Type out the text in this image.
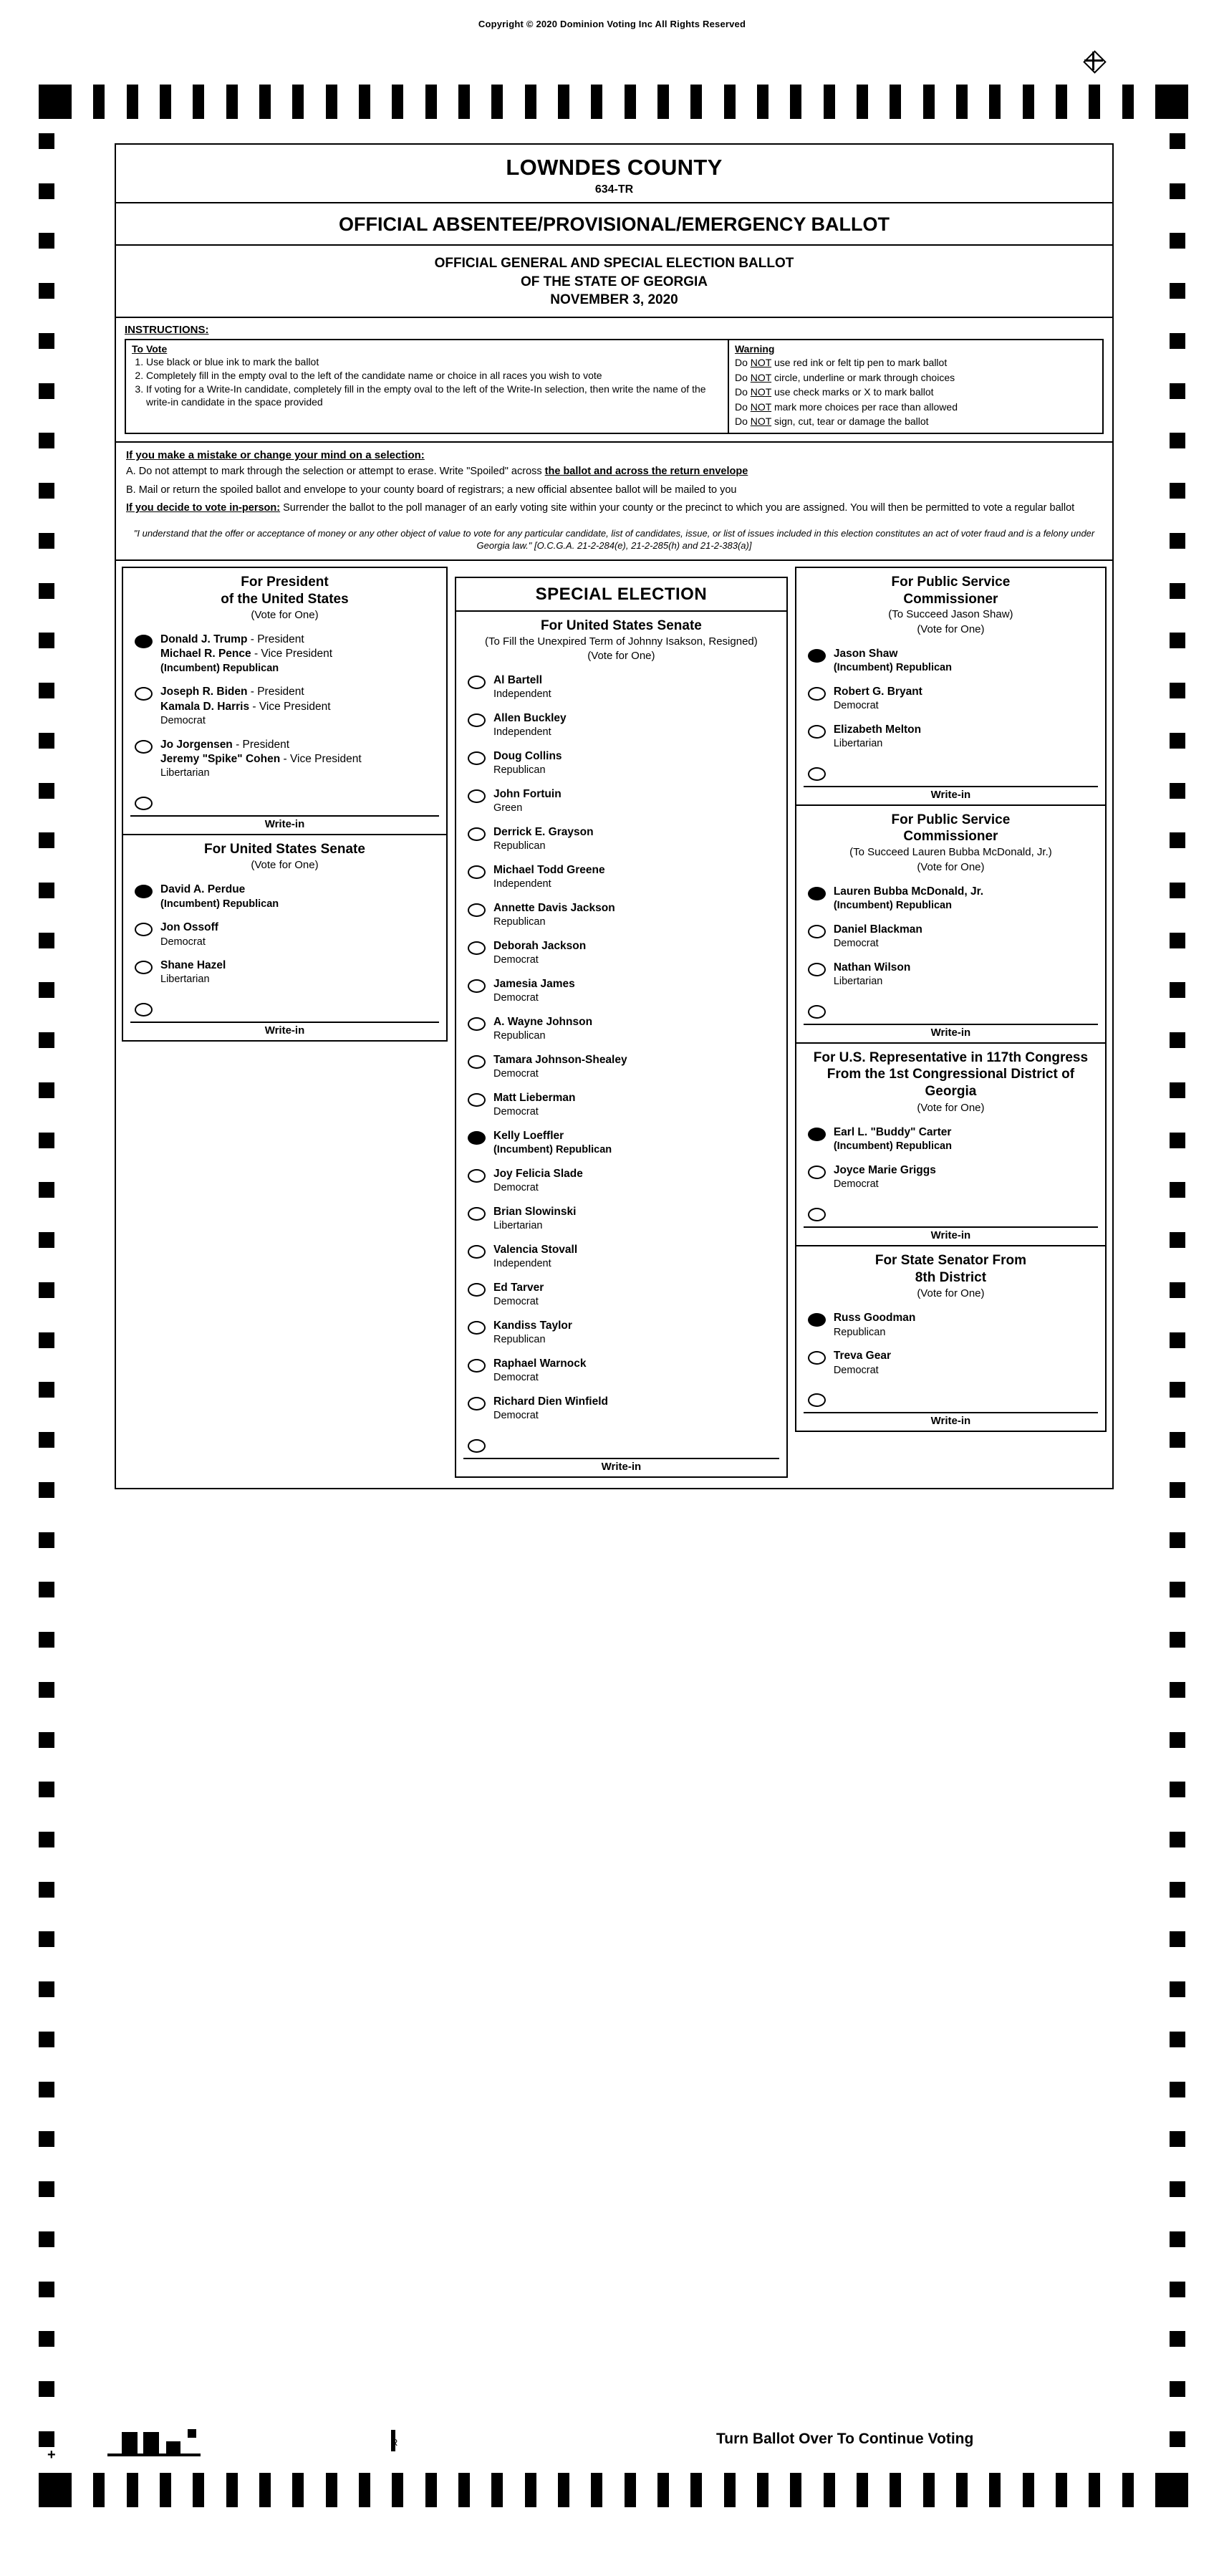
Copyright © 2020 Dominion Voting Inc All Rights Reserved
+
R	Turn Ballot Over To Continue Voting
LOWNDES COUNTY
634-TR
OFFICIAL ABSENTEE/PROVISIONAL/EMERGENCY BALLOT
OFFICIAL GENERAL AND SPECIAL ELECTION BALLOT
OF THE STATE OF GEORGIA
NOVEMBER 3, 2020
INSTRUCTIONS:
To Vote
1. Use black or blue ink to mark the ballot
2. Completely fill in the empty oval to the left of the candidate name or choice in all races you wish to vote
3. If voting for a Write-In candidate, completely fill in the empty oval to the left of the Write-In selection, then write the name of the write-in candidate in the space provided
Warning

Do NOT use red ink or felt tip pen to mark ballot

Do NOT circle, underline or mark through choices

Do NOT use check marks or X to mark ballot

Do NOT mark more choices per race than allowed

Do NOT sign, cut, tear or damage the ballot

If you make a mistake or change your mind on a selection:

A. Do not attempt to mark through the selection or attempt to erase. Write "Spoiled" across the ballot and across the return envelope

B. Mail or return the spoiled ballot and envelope to your county board of registrars; a new official absentee ballot will be mailed to you

If you decide to vote in-person: Surrender the ballot to the poll manager of an early voting site within your county or the precinct to which you are assigned. You will then be permitted to vote a regular ballot

"I understand that the offer or acceptance of money or any other object of value to vote for any particular candidate, list of candidates, issue, or list of issues included in this election constitutes an act of voter fraud and is a felony under Georgia law." [O.C.G.A. 21-2-284(e), 21-2-285(h) and 21-2-383(a)]
For President
of the United States
(Vote for One)
Donald J. Trump - President
Michael R. Pence - Vice President
(Incumbent) Republican
Joseph R. Biden - President
Kamala D. Harris - Vice President
Democrat
Jo Jorgensen - President
Jeremy "Spike" Cohen - Vice President
Libertarian
Write-in
For United States Senate
(Vote for One)
David A. Perdue
(Incumbent) Republican
Jon Ossoff
Democrat
Shane Hazel
Libertarian
Write-in
SPECIAL ELECTION
For United States Senate
(To Fill the Unexpired Term of Johnny Isakson, Resigned)
(Vote for One)
Al Bartell
Independent
Allen Buckley
Independent
Doug Collins
Republican
John Fortuin
Green
Derrick E. Grayson
Republican
Michael Todd Greene
Independent
Annette Davis Jackson
Republican
Deborah Jackson
Democrat
Jamesia James
Democrat
A. Wayne Johnson
Republican
Tamara Johnson-Shealey
Democrat
Matt Lieberman
Democrat
Kelly Loeffler
(Incumbent) Republican
Joy Felicia Slade
Democrat
Brian Slowinski
Libertarian
Valencia Stovall
Independent
Ed Tarver
Democrat
Kandiss Taylor
Republican
Raphael Warnock
Democrat
Richard Dien Winfield
Democrat
Write-in
For Public Service
Commissioner
(To Succeed Jason Shaw)
(Vote for One)
Jason Shaw
(Incumbent) Republican
Robert G. Bryant
Democrat
Elizabeth Melton
Libertarian
Write-in
For Public Service
Commissioner
(To Succeed Lauren Bubba McDonald, Jr.)
(Vote for One)
Lauren Bubba McDonald, Jr.
(Incumbent) Republican
Daniel Blackman
Democrat
Nathan Wilson
Libertarian
Write-in
For U.S. Representative in 117th Congress From the 1st Congressional District of Georgia
(Vote for One)
Earl L. "Buddy" Carter
(Incumbent) Republican
Joyce Marie Griggs
Democrat
Write-in
For State Senator From
8th District
(Vote for One)
Russ Goodman
Republican
Treva Gear
Democrat
Write-in
